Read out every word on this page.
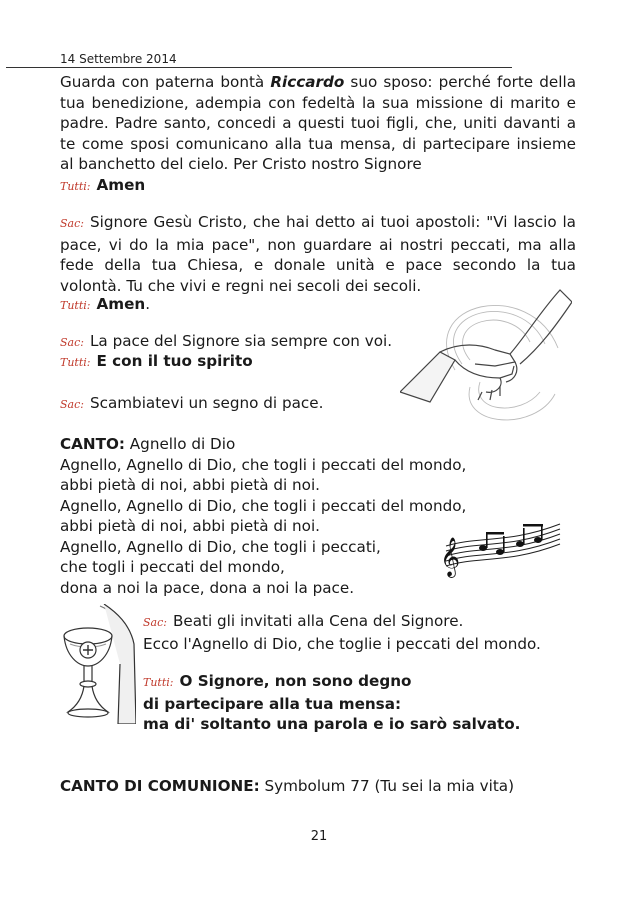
14 Settembre 2014
Guarda con paterna bontà Riccardo suo sposo: perché forte della tua benedizione, adempia con fedeltà la sua missione di marito e padre. Padre santo, concedi a questi tuoi figli, che, uniti davanti a te come sposi comunicano alla tua mensa, di partecipare insieme al banchetto del cielo. Per Cristo nostro Signore
Tutti: Amen
Sac: Signore Gesù Cristo, che hai detto ai tuoi apostoli: "Vi lascio la pace, vi do la mia pace", non guardare ai nostri peccati, ma alla fede della tua Chiesa, e donale unità e pace secondo la tua volontà. Tu che vivi e regni nei secoli dei secoli.
Tutti: Amen.
Sac: La pace del Signore sia sempre con voi.
Tutti: E con il tuo spirito
Sac: Scambiatevi un segno di pace.
CANTO: Agnello di Dio
Agnello, Agnello di Dio, che togli i peccati del mondo,
abbi pietà di noi, abbi pietà di noi.
Agnello, Agnello di Dio, che togli i peccati del mondo,
abbi pietà di noi, abbi pietà di noi.
Agnello, Agnello di Dio, che togli i peccati,
che togli i peccati del mondo,
dona a noi la pace, dona a noi la pace.
Sac: Beati gli invitati alla Cena del Signore.
Ecco l'Agnello di Dio, che toglie i peccati del mondo.
Tutti: O Signore, non sono degno
di partecipare alla tua mensa:
ma di' soltanto una parola e io sarò salvato.
CANTO DI COMUNIONE: Symbolum 77 (Tu sei la mia vita)
21
𝄞
